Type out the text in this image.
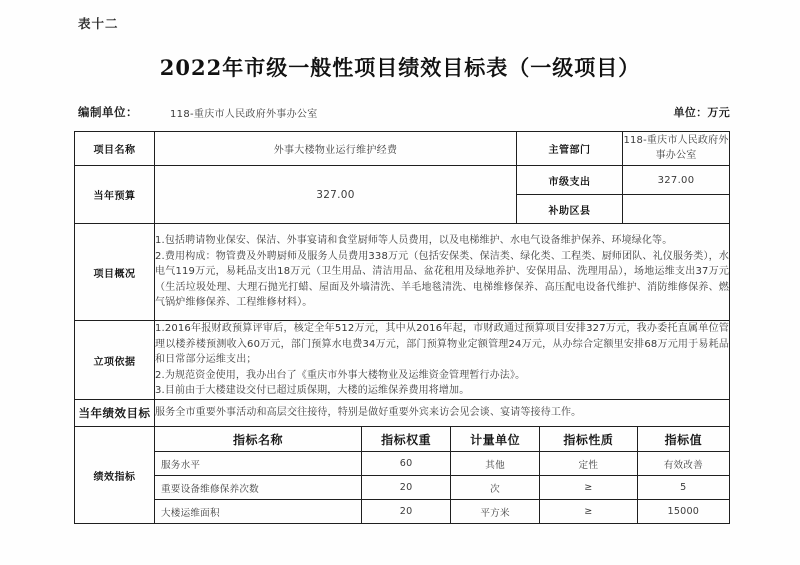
表十二
2022年市级一般性项目绩效目标表（一级项目）
编制单位：	118-重庆市人民政府外事办公室	单位：万元
项目名称	外事大楼物业运行维护经费	主管部门	118-重庆市人民政府外事办公室
当年预算	327.00	市级支出	327.00
补助区县	
项目概况	

1.包括聘请物业保安、保洁、外事宴请和食堂厨师等人员费用，以及电梯维护、水电气设备维护保养、环境绿化等。

2.费用构成：物管费及外聘厨师及服务人员费用338万元（包括安保类、保洁类、绿化类、工程类、厨师团队、礼仪服务类），水电气119万元，易耗品支出18万元（卫生用品、清洁用品、盆花租用及绿地养护、安保用品、洗理用品），场地运维支出37万元（生活垃圾处理、大理石抛光打蜡、屋面及外墙清洗、羊毛地毯清洗、电梯维修保养、高压配电设备代维护、消防维修保养、燃气锅炉维修保养、工程维修材料）。

立项依据	

1.2016年报财政预算评审后，核定全年512万元，其中从2016年起，市财政通过预算项目安排327万元，我办委托直属单位管理以楼养楼预测收入60万元，部门预算水电费34万元，部门预算物业定额管理24万元，从办综合定额里安排68万元用于易耗品和日常部分运维支出；

2.为规范资金使用，我办出台了《重庆市外事大楼物业及运维资金管理暂行办法》。

3.目前由于大楼建设交付已超过质保期，大楼的运维保养费用将增加。

当年绩效目标	服务全市重要外事活动和高层交往接待，特别是做好重要外宾来访会见会谈、宴请等接待工作。

绩效指标	
指标名称	指标权重	计量单位	指标性质	指标值
服务水平	60	其他	定性	有效改善
重要设备维修保养次数	20	次	≥	5
大楼运维面积	20	平方米	≥	15000
